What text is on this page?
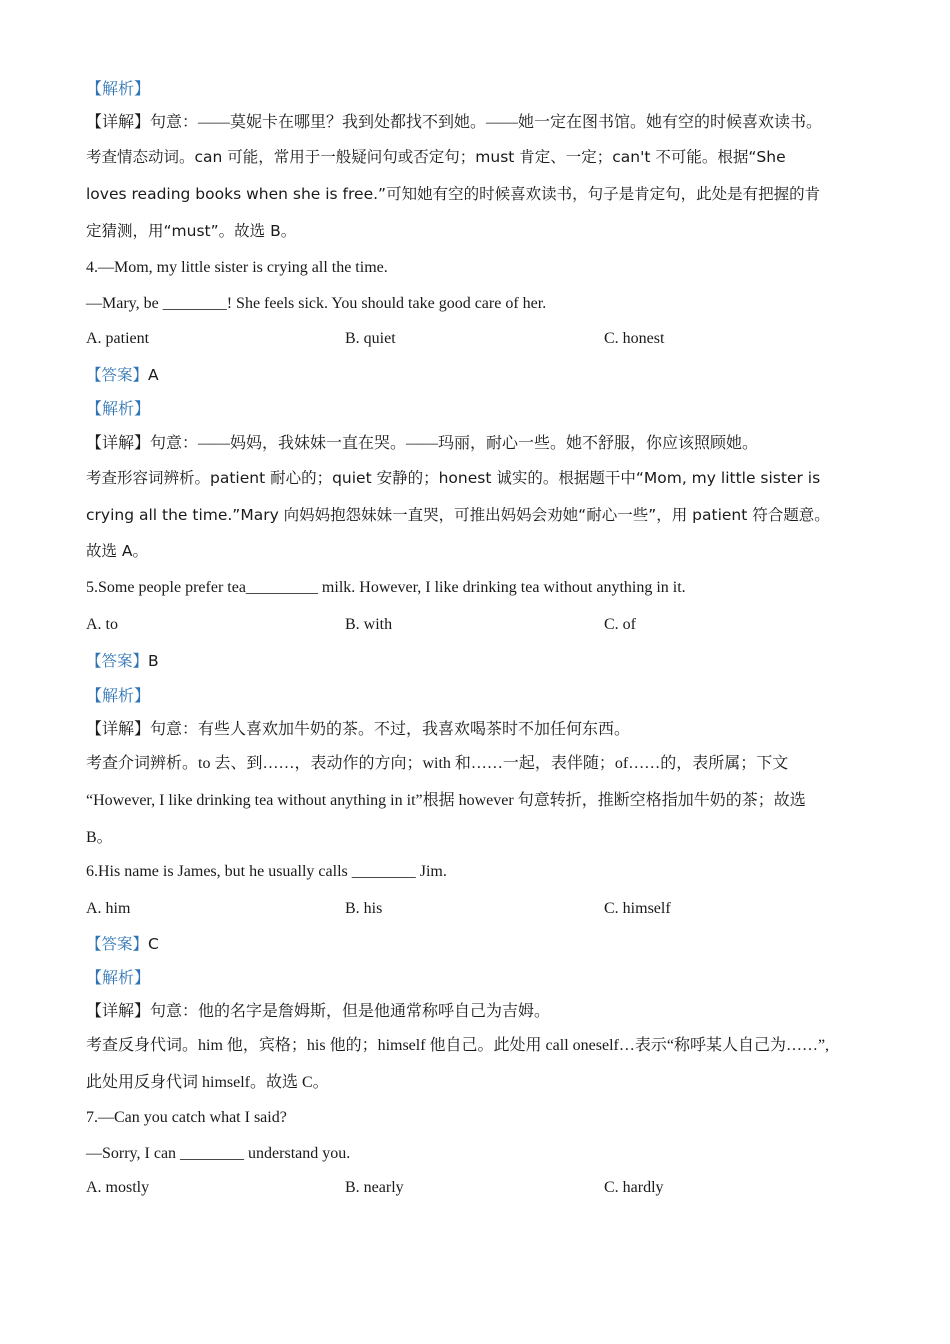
【解析】
【详解】句意：——莫妮卡在哪里？我到处都找不到她。——她一定在图书馆。她有空的时候喜欢读书。
考查情态动词。can 可能，常用于一般疑问句或否定句；must 肯定、一定；can't 不可能。根据“She
loves reading books when she is free.”可知她有空的时候喜欢读书，句子是肯定句，此处是有把握的肯
定猜测，用“must”。故选 B。
4.—Mom, my little sister is crying all the time.
—Mary, be ________! She feels sick. You should take good care of her.
A. patient	B. quiet	C. honest
【答案】A
【解析】
【详解】句意：——妈妈，我妹妹一直在哭。——玛丽，耐心一些。她不舒服，你应该照顾她。
考查形容词辨析。patient 耐心的；quiet 安静的；honest 诚实的。根据题干中“Mom, my little sister is
crying all the time.”Mary 向妈妈抱怨妹妹一直哭，可推出妈妈会劝她“耐心一些”，用 patient 符合题意。
故选 A。
5.Some people prefer tea_________ milk. However, I like drinking tea without anything in it.
A. to	B. with	C. of
【答案】B
【解析】
【详解】句意：有些人喜欢加牛奶的茶。不过，我喜欢喝茶时不加任何东西。
考查介词辨析。to 去、到……，表动作的方向；with 和……一起，表伴随；of……的，表所属；下文
“However, I like drinking tea without anything in it”根据 however 句意转折，推断空格指加牛奶的茶；故选
B。
6.His name is James, but he usually calls ________ Jim.
A. him	B. his	C. himself
【答案】C
【解析】
【详解】句意：他的名字是詹姆斯，但是他通常称呼自己为吉姆。
考查反身代词。him 他，宾格；his 他的；himself 他自己。此处用 call oneself…表示“称呼某人自己为……”,
此处用反身代词 himself。故选 C。
7.—Can you catch what I said?
—Sorry, I can ________ understand you.
A. mostly	B. nearly	C. hardly
